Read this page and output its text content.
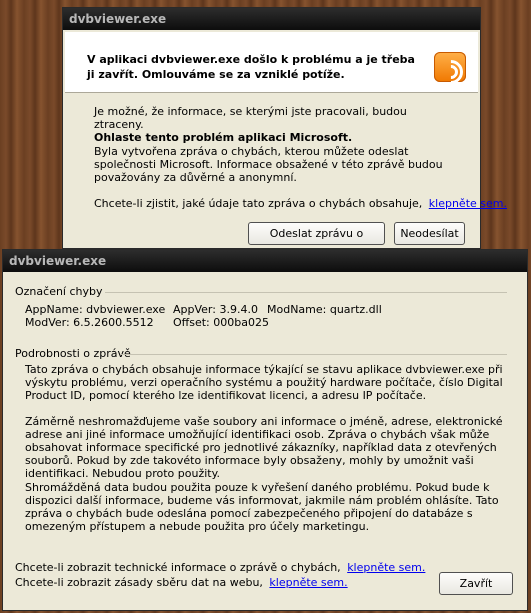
dvbviewer.exe
V aplikaci dvbviewer.exe došlo k problému a je třeba ji zavřít. Omlouváme se za vzniklé potíže.
Je možné, že informace, se kterými jste pracovali, budou ztraceny.
Ohlaste tento problém aplikaci Microsoft.
Byla vytvořena zpráva o chybách, kterou můžete odeslat společnosti Microsoft. Informace obsažené v této zprávě budou považovány za důvěrné a anonymní.
Chcete-li zjistit, jaké údaje tato zpráva o chybách obsahuje, klepněte sem.
Odeslat zprávu o	Neodesílat
dvbviewer.exe
Označení chyby
AppName: dvbviewer.exe AppVer: 3.9.4.0 ModName: quartz.dll
ModVer: 6.5.2600.5512 Offset: 000ba025
Podrobnosti o zprávě
Tato zpráva o chybách obsahuje informace týkající se stavu aplikace dvbviewer.exe při výskytu problému, verzi operačního systému a použitý hardware počítače, číslo Digital Product ID, pomocí kterého lze identifikovat licenci, a adresu IP počítače.
Záměrně neshromažďujeme vaše soubory ani informace o jméně, adrese, elektronické adrese ani jiné informace umožňující identifikaci osob. Zpráva o chybách však může obsahovat informace specifické pro jednotlivé zákazníky, například data z otevřených souborů. Pokud by zde takovéto informace byly obsaženy, mohly by umožnit vaši identifikaci. Nebudou proto použity.
Shromážděná data budou použita pouze k vyřešení daného problému. Pokud bude k dispozici další informace, budeme vás informovat, jakmile nám problém ohlásíte. Tato zpráva o chybách bude odeslána pomocí zabezpečeného připojení do databáze s omezeným přístupem a nebude použita pro účely marketingu.
Chcete-li zobrazit technické informace o zprávě o chybách, klepněte sem.
Chcete-li zobrazit zásady sběru dat na webu, klepněte sem.	Zavřít
